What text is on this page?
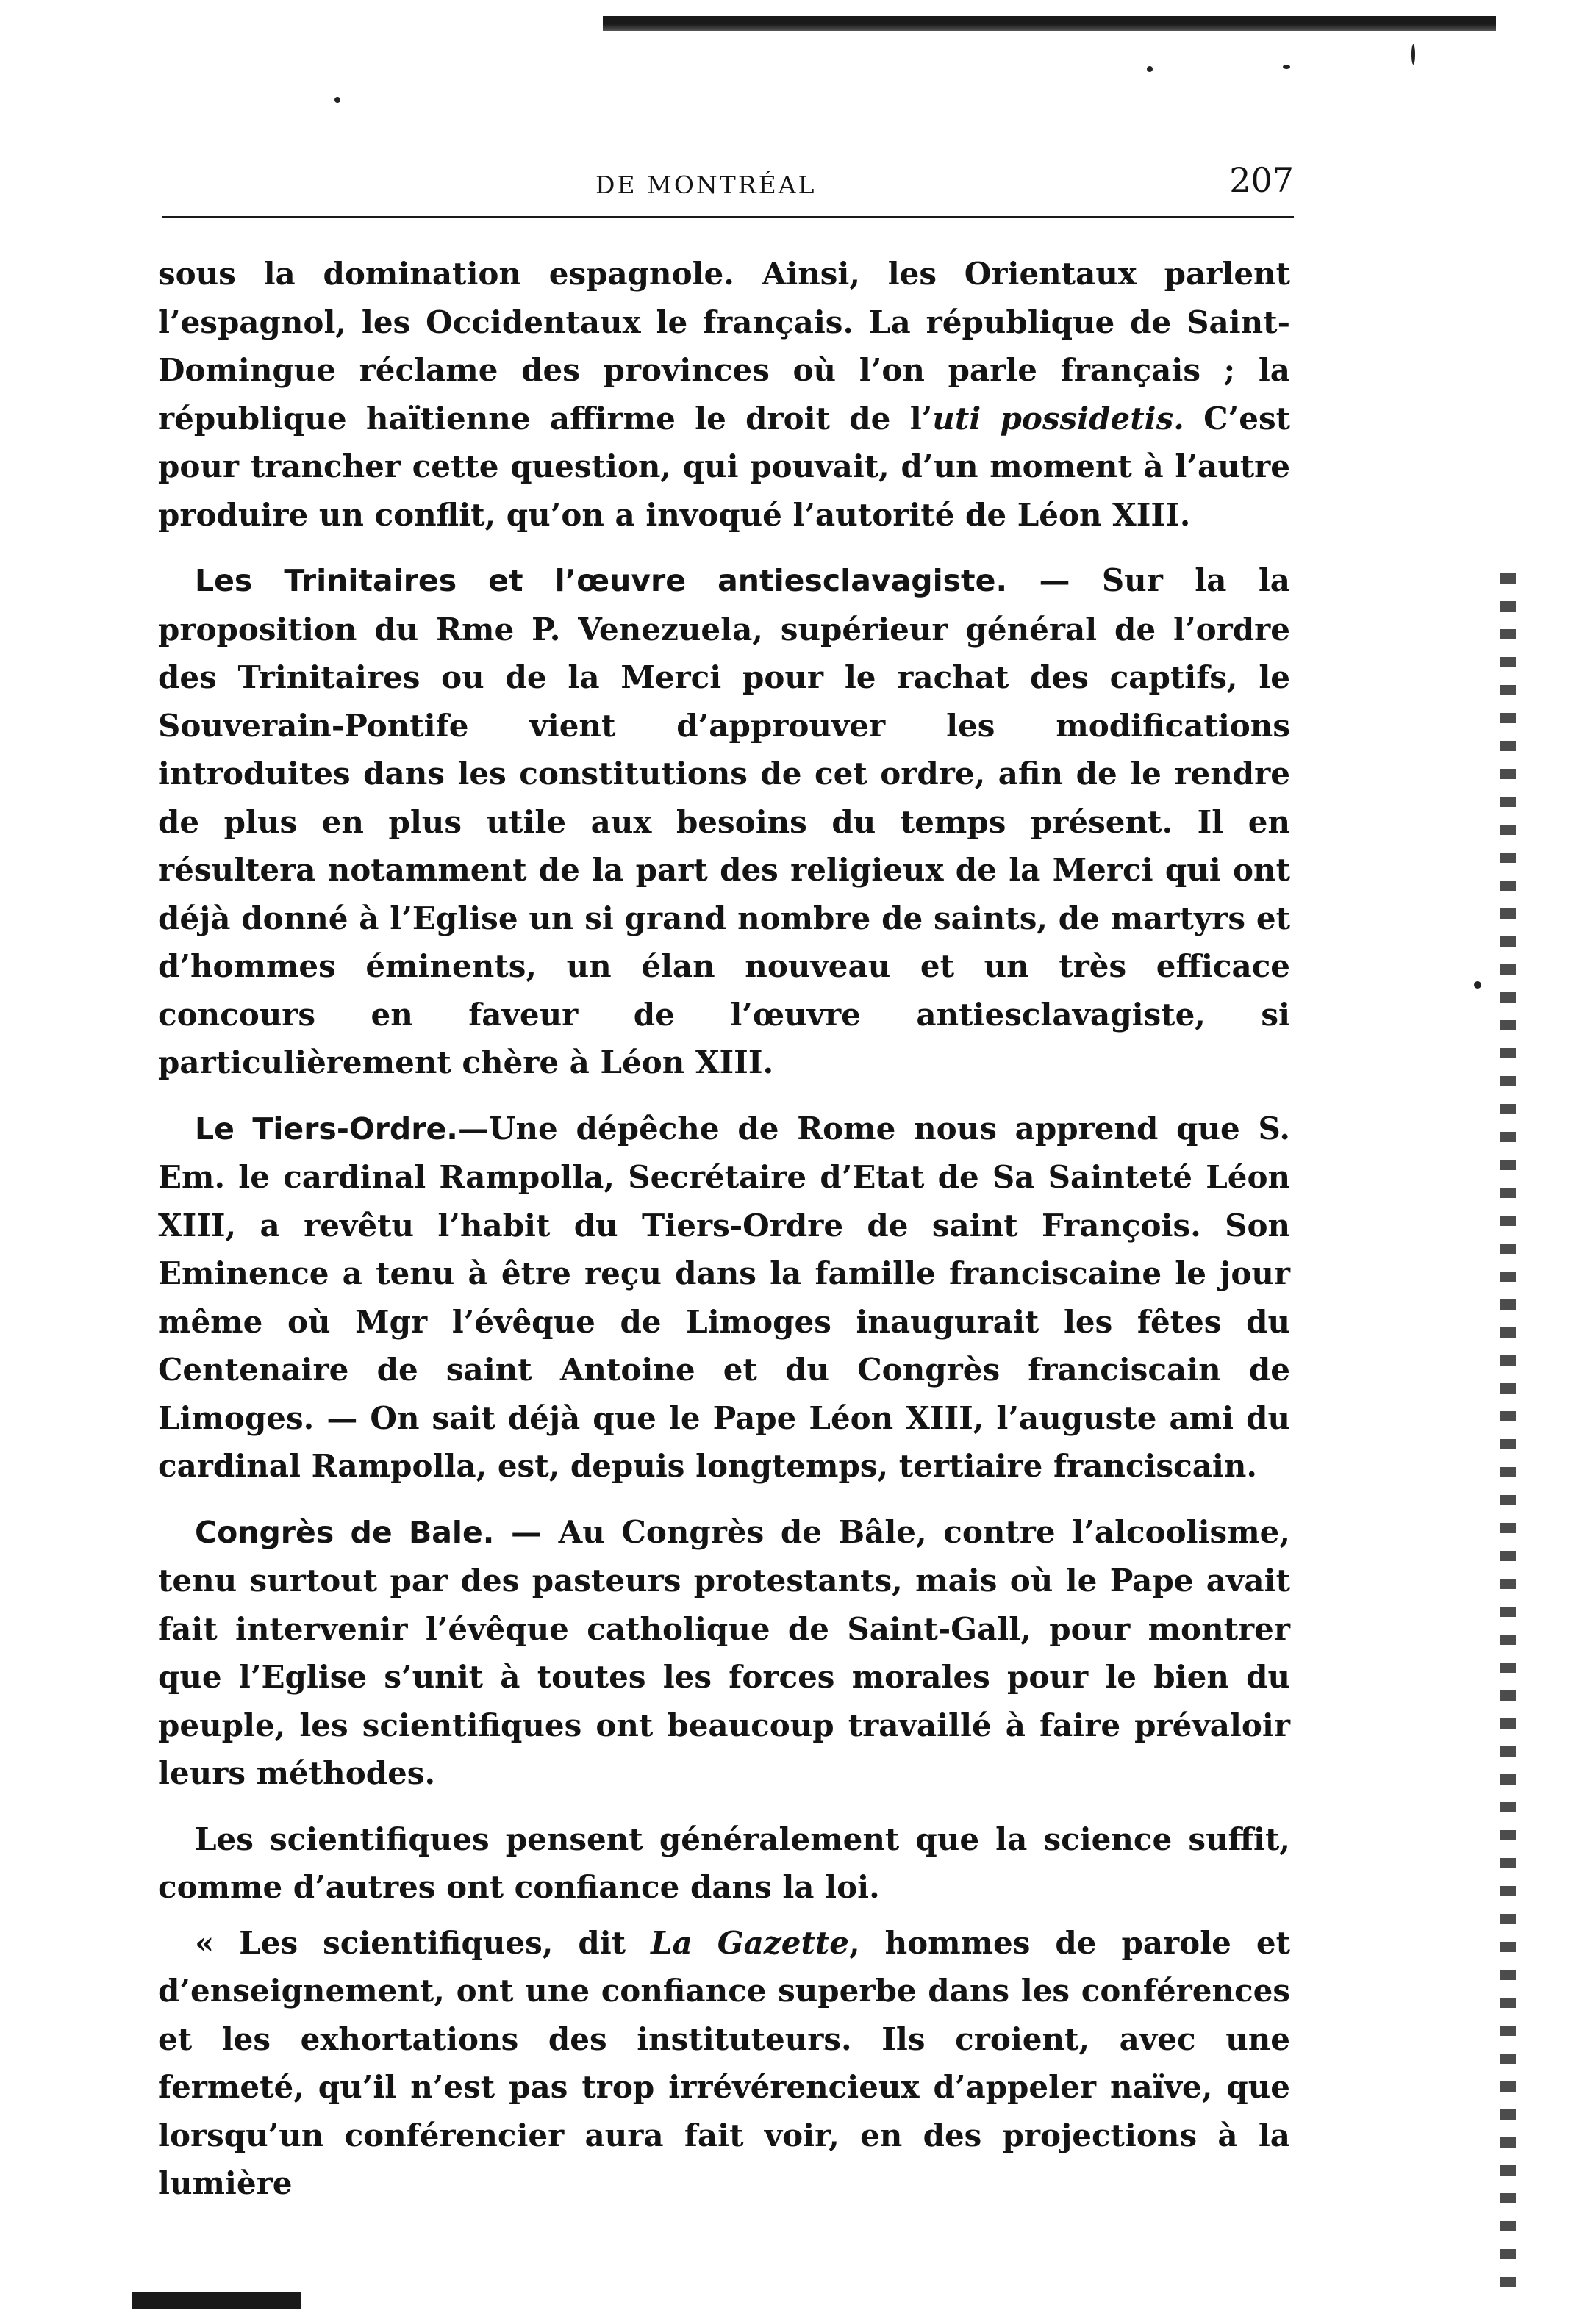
DE MONTRÉAL	207

sous la domination espagnole. Ainsi, les Orientaux parlent l’espagnol, les Occidentaux le français. La république de Saint-Domingue réclame des provinces où l’on parle français ; la république haïtienne affirme le droit de l’uti possidetis. C’est pour trancher cette question, qui pouvait, d’un moment à l’autre produire un conflit, qu’on a invoqué l’autorité de Léon XIII.

Les Trinitaires et l’œuvre antiesclavagiste. — Sur la la proposition du Rme P. Venezuela, supérieur général de l’ordre des Trinitaires ou de la Merci pour le rachat des captifs, le Souverain-Pontife vient d’approuver les modifications introduites dans les constitutions de cet ordre, afin de le rendre de plus en plus utile aux besoins du temps présent. Il en résultera notamment de la part des religieux de la Merci qui ont déjà donné à l’Eglise un si grand nombre de saints, de martyrs et d’hommes éminents, un élan nouveau et un très efficace concours en faveur de l’œuvre antiesclavagiste, si particulièrement chère à Léon XIII.

Le Tiers-Ordre.—Une dépêche de Rome nous apprend que S. Em. le cardinal Rampolla, Secrétaire d’Etat de Sa Sainteté Léon XIII, a revêtu l’habit du Tiers-Ordre de saint François. Son Eminence a tenu à être reçu dans la famille franciscaine le jour même où Mgr l’évêque de Limoges inaugurait les fêtes du Centenaire de saint Antoine et du Congrès franciscain de Limoges. — On sait déjà que le Pape Léon XIII, l’auguste ami du cardinal Rampolla, est, depuis longtemps, tertiaire franciscain.

Congrès de Bale. — Au Congrès de Bâle, contre l’alcoolisme, tenu surtout par des pasteurs protestants, mais où le Pape avait fait intervenir l’évêque catholique de Saint-Gall, pour montrer que l’Eglise s’unit à toutes les forces morales pour le bien du peuple, les scientifiques ont beaucoup travaillé à faire prévaloir leurs méthodes.

Les scientifiques pensent généralement que la science suffit, comme d’autres ont confiance dans la loi.

« Les scientifiques, dit La Gazette, hommes de parole et d’enseignement, ont une confiance superbe dans les conférences et les exhortations des instituteurs. Ils croient, avec une fermeté, qu’il n’est pas trop irrévérencieux d’appeler naïve, que lorsqu’un conférencier aura fait voir, en des projections à la lumière
